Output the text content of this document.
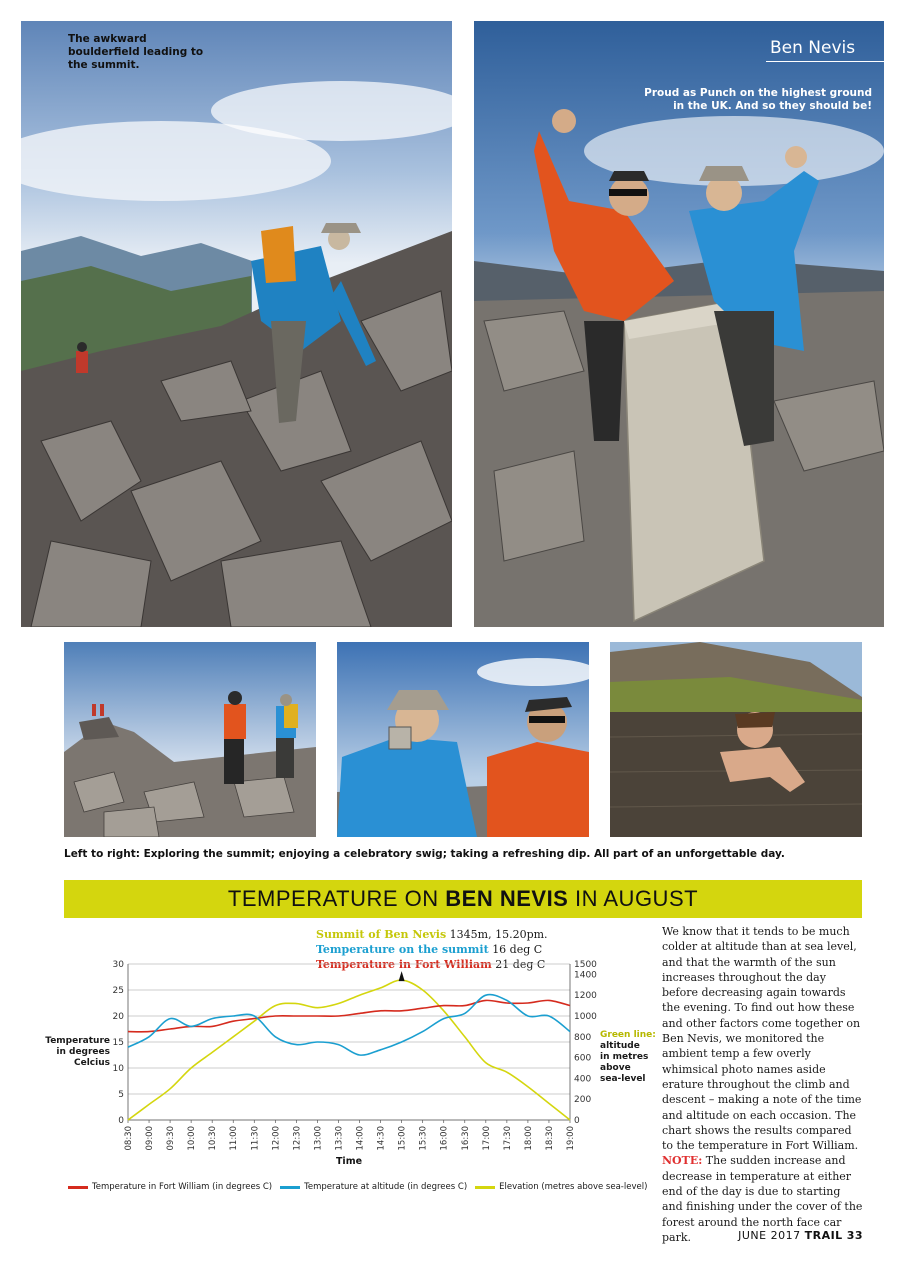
The awkward boulderfield leading to the summit.
Ben Nevis
Proud as Punch on the highest ground in the UK. And so they should be!
Left to right: Exploring the summit; enjoying a celebratory swig; taking a refreshing dip. All part of an unforgettable day.
TEMPERATURE ON BEN NEVIS IN AUGUST
Summit of Ben Nevis 1345m, 15.20pm.
Temperature on the summit 16 deg C
Temperature in Fort William 21 deg C
Temperature
in degrees
Celcius
Green line:
altitude
in metres
above
sea-level
0
5
10
15
20
25
30
0
200
400
600
800
1000
1200
1400
1500
08:30 09:00 09:30 10:00 10:30 11:00 11:30 12:00 12:30 13:00 13:30 14:00 14:30 15:00 15:30 16:00 16:30 17:00 17:30 18:00 18:30 19:00
Time
Temperature in Fort William (in degrees C)	Temperature at altitude (in degrees C)	Elevation (metres above sea-level)
We know that it tends to be much colder at altitude than at sea level, and that the warmth of the sun increases throughout the day before decreasing again towards the evening. To find out how these and other factors come together on Ben Nevis, we monitored the ambient temp a few overly whimsical photo names aside erature throughout the climb and descent – making a note of the time and altitude on each occasion. The chart shows the results compared to the temperature in Fort William. NOTE: The sudden increase and decrease in temperature at either end of the day is due to starting and finishing under the cover of the forest around the north face car park.	JUNE 2017 TRAIL 33
